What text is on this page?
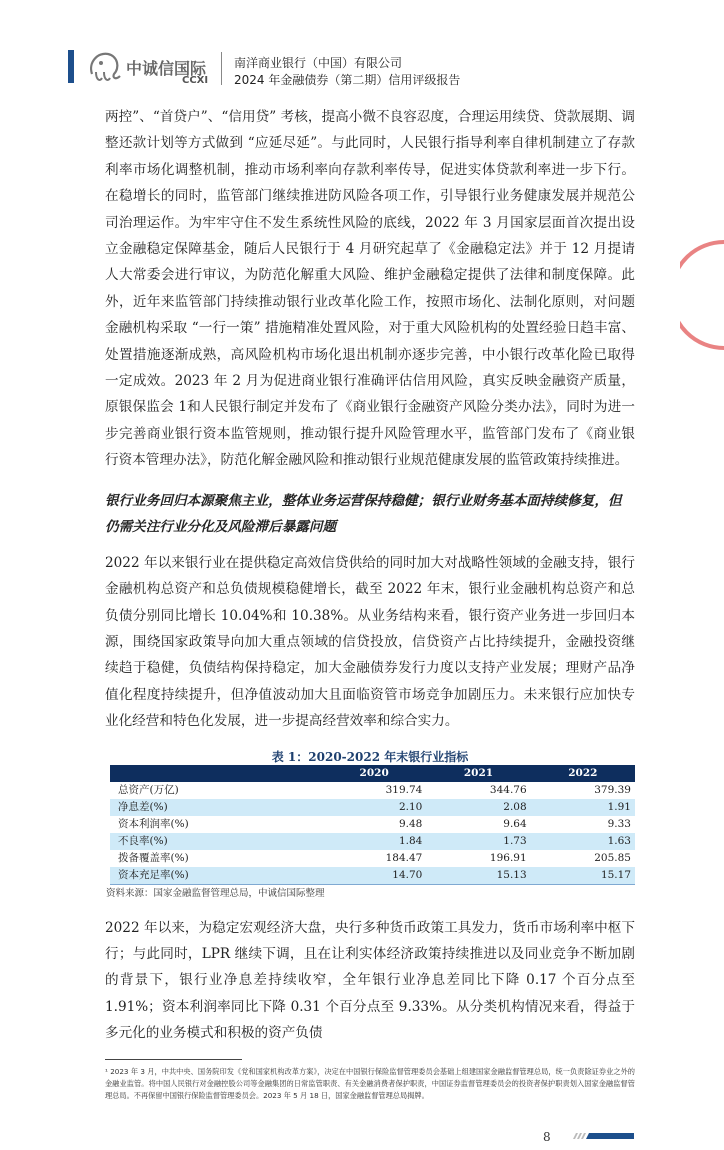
中诚信国际
CCXI
南洋商业银行（中国）有限公司
2024 年金融债券（第二期）信用评级报告

两控”、“首贷户”、“信用贷” 考核，提高小微不良容忍度，合理运用续贷、贷款展期、调整还款计划等方式做到 “应延尽延”。与此同时，人民银行指导利率自律机制建立了存款利率市场化调整机制，推动市场利率向存款利率传导，促进实体贷款利率进一步下行。在稳增长的同时，监管部门继续推进防风险各项工作，引导银行业务健康发展并规范公司治理运作。为牢牢守住不发生系统性风险的底线，2022 年 3 月国家层面首次提出设立金融稳定保障基金，随后人民银行于 4 月研究起草了《金融稳定法》并于 12 月提请人大常委会进行审议，为防范化解重大风险、维护金融稳定提供了法律和制度保障。此外，近年来监管部门持续推动银行业改革化险工作，按照市场化、法制化原则，对问题金融机构采取 “一行一策” 措施精准处置风险，对于重大风险机构的处置经验日趋丰富、处置措施逐渐成熟，高风险机构市场化退出机制亦逐步完善，中小银行改革化险已取得一定成效。2023 年 2 月为促进商业银行准确评估信用风险，真实反映金融资产质量，原银保监会 1和人民银行制定并发布了《商业银行金融资产风险分类办法》，同时为进一步完善商业银行资本监管规则，推动银行提升风险管理水平，监管部门发布了《商业银行资本管理办法》，防范化解金融风险和推动银行业规范健康发展的监管政策持续推进。

银行业务回归本源聚焦主业，整体业务运营保持稳健；银行业财务基本面持续修复，但仍需关注行业分化及风险滞后暴露问题

2022 年以来银行业在提供稳定高效信贷供给的同时加大对战略性领域的金融支持，银行金融机构总资产和总负债规模稳健增长，截至 2022 年末，银行业金融机构总资产和总负债分别同比增长 10.04%和 10.38%。从业务结构来看，银行资产业务进一步回归本源，围绕国家政策导向加大重点领域的信贷投放，信贷资产占比持续提升，金融投资继续趋于稳健，负债结构保持稳定，加大金融债券发行力度以支持产业发展；理财产品净值化程度持续提升，但净值波动加大且面临资管市场竞争加剧压力。未来银行应加快专业化经营和特色化发展，进一步提高经营效率和综合实力。

表 1：2020-2022 年末银行业指标
	2020	2021	2022
总资产(万亿)	319.74	344.76	379.39
净息差(%)	2.10	2.08	1.91
资本利润率(%)	9.48	9.64	9.33
不良率(%)	1.84	1.73	1.63
拨备覆盖率(%)	184.47	196.91	205.85
资本充足率(%)	14.70	15.13	15.17
资料来源：国家金融监督管理总局，中诚信国际整理

2022 年以来，为稳定宏观经济大盘，央行多种货币政策工具发力，货币市场利率中枢下行；与此同时，LPR 继续下调，且在让利实体经济政策持续推进以及同业竞争不断加剧的背景下，银行业净息差持续收窄，全年银行业净息差同比下降 0.17 个百分点至 1.91%；资本利润率同比下降 0.31 个百分点至 9.33%。从分类机构情况来看，得益于多元化的业务模式和积极的资产负债

¹ 2023 年 3 月，中共中央、国务院印发《党和国家机构改革方案》，决定在中国银行保险监督管理委员会基础上组建国家金融监督管理总局，统一负责除证券业之外的金融业监管。将中国人民银行对金融控股公司等金融集团的日常监管职责、有关金融消费者保护职责，中国证券监督管理委员会的投资者保护职责划入国家金融监督管理总局。不再保留中国银行保险监督管理委员会。2023 年 5 月 18 日，国家金融监督管理总局揭牌。
8
